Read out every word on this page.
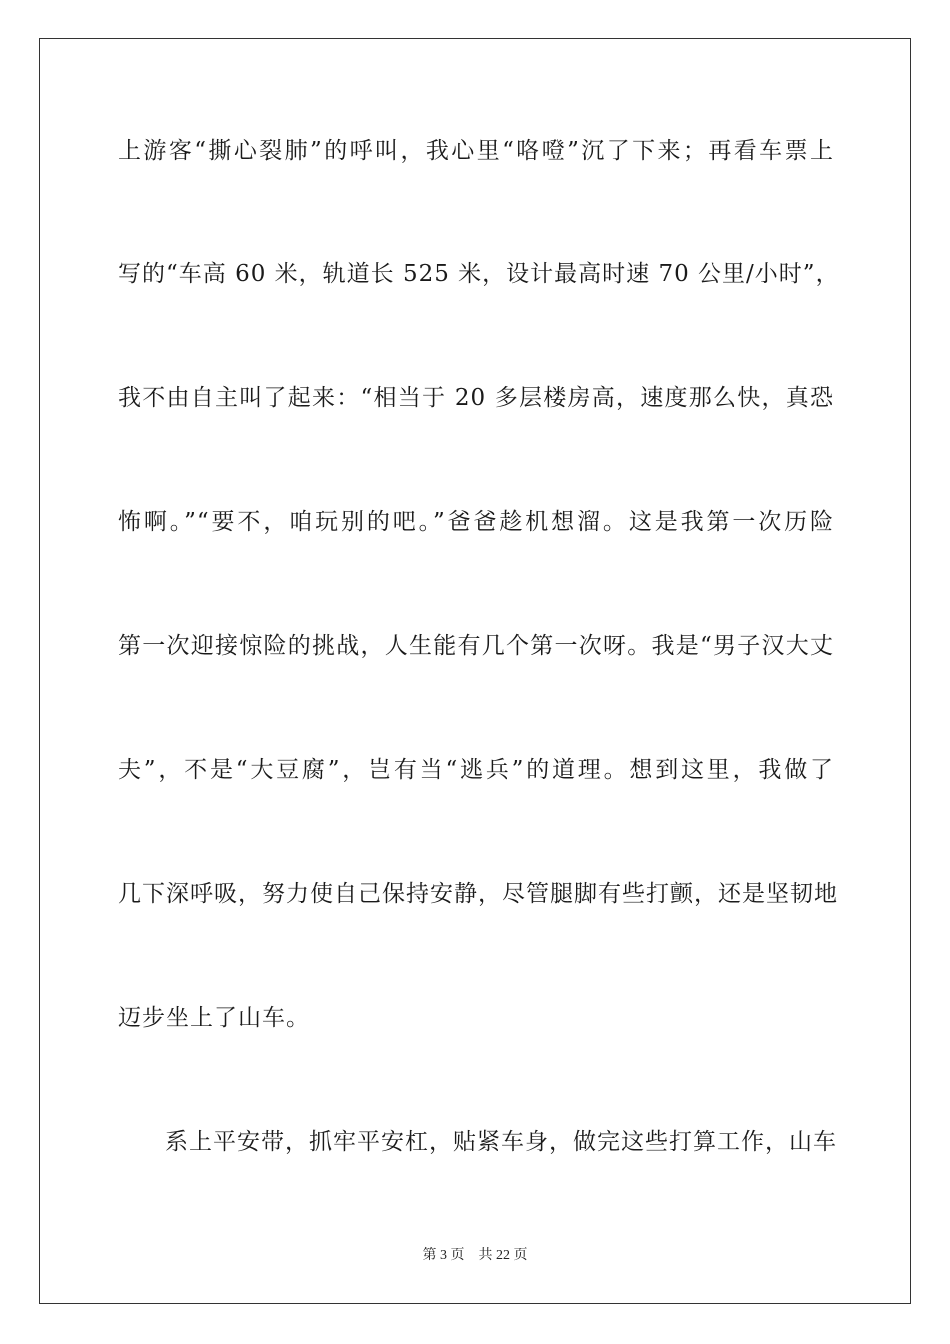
上游客“撕心裂肺”的呼叫，我心里“咯噔”沉了下来；再看车票上
写的“车高 60 米，轨道长 525 米，设计最高时速 70 公里/小时”，
我不由自主叫了起来：“相当于 20 多层楼房高，速度那么快，真恐
怖啊。”“要不，咱玩别的吧。”爸爸趁机想溜。这是我第一次历险
第一次迎接惊险的挑战，人生能有几个第一次呀。我是“男子汉大丈
夫”，不是“大豆腐”，岂有当“逃兵”的道理。想到这里，我做了
几下深呼吸，努力使自己保持安静，尽管腿脚有些打颤，还是坚韧地
迈步坐上了山车。
系上平安带，抓牢平安杠，贴紧车身，做完这些打算工作，山车
第 3 页　共 22 页
